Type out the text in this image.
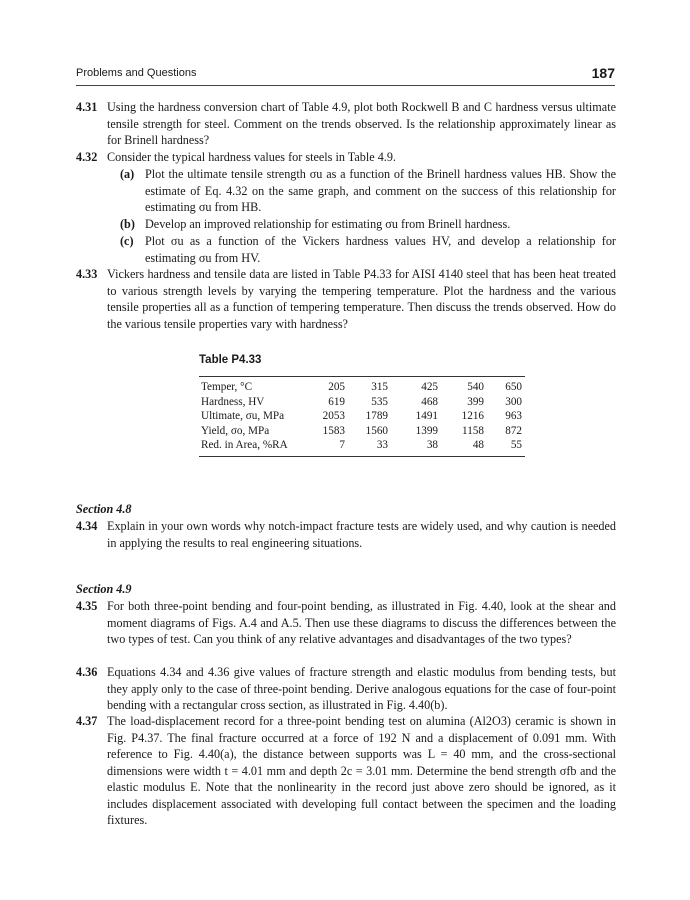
Problems and Questions	187
4.31 Using the hardness conversion chart of Table 4.9, plot both Rockwell B and C hardness versus ultimate tensile strength for steel. Comment on the trends observed. Is the relationship approximately linear as for Brinell hardness?
4.32 Consider the typical hardness values for steels in Table 4.9.
(a) Plot the ultimate tensile strength σu as a function of the Brinell hardness values HB. Show the estimate of Eq. 4.32 on the same graph, and comment on the success of this relationship for estimating σu from HB.
(b) Develop an improved relationship for estimating σu from Brinell hardness.
(c) Plot σu as a function of the Vickers hardness values HV, and develop a relationship for estimating σu from HV.
4.33 Vickers hardness and tensile data are listed in Table P4.33 for AISI 4140 steel that has been heat treated to various strength levels by varying the tempering temperature. Plot the hardness and the various tensile properties all as a function of tempering temperature. Then discuss the trends observed. How do the various tensile properties vary with hardness?
Table P4.33
Temper, °C	205	315	425	540	650
Hardness, HV	619	535	468	399	300
Ultimate, σu, MPa	2053	1789	1491	1216	963
Yield, σo, MPa	1583	1560	1399	1158	872
Red. in Area, %RA	7	33	38	48	55
Section 4.8
4.34 Explain in your own words why notch-impact fracture tests are widely used, and why caution is needed in applying the results to real engineering situations.
Section 4.9
4.35 For both three-point bending and four-point bending, as illustrated in Fig. 4.40, look at the shear and moment diagrams of Figs. A.4 and A.5. Then use these diagrams to discuss the differences between the two types of test. Can you think of any relative advantages and disadvantages of the two types?
4.36 Equations 4.34 and 4.36 give values of fracture strength and elastic modulus from bending tests, but they apply only to the case of three-point bending. Derive analogous equations for the case of four-point bending with a rectangular cross section, as illustrated in Fig. 4.40(b).
4.37 The load-displacement record for a three-point bending test on alumina (Al2O3) ceramic is shown in Fig. P4.37. The final fracture occurred at a force of 192 N and a displacement of 0.091 mm. With reference to Fig. 4.40(a), the distance between supports was L = 40 mm, and the cross-sectional dimensions were width t = 4.01 mm and depth 2c = 3.01 mm. Determine the bend strength σfb and the elastic modulus E. Note that the nonlinearity in the record just above zero should be ignored, as it includes displacement associated with developing full contact between the specimen and the loading fixtures.
